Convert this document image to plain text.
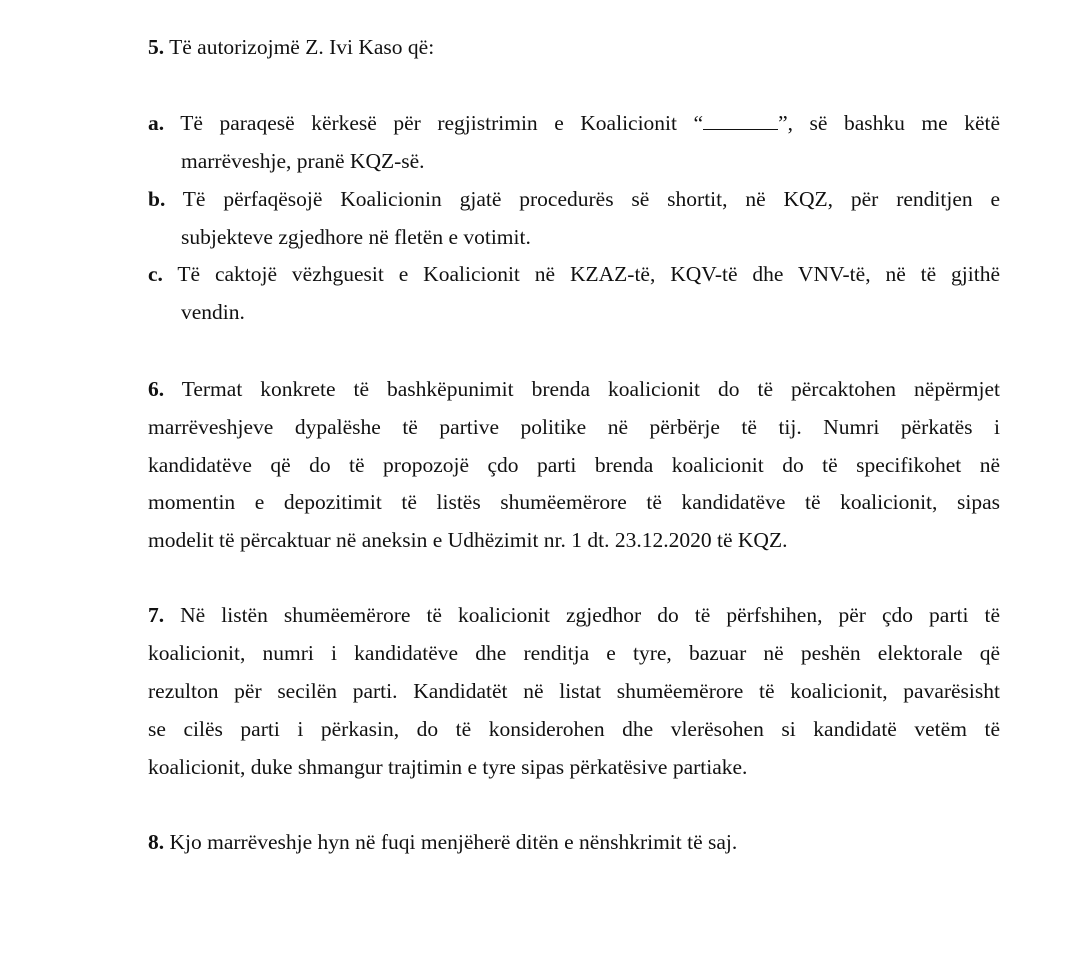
5. Të autorizojmë Z. Ivi Kaso që:
a. Të paraqesë kërkesë për regjistrimin e Koalicionit “	”, së bashku me këtë
marrëveshje, pranë KQZ-së.
b. Të përfaqësojë Koalicionin gjatë procedurës së shortit, në KQZ, për renditjen e
subjekteve zgjedhore në fletën e votimit.
c. Të caktojë vëzhguesit e Koalicionit në KZAZ-të, KQV-të dhe VNV-të, në të gjithë
vendin.
6. Termat konkrete të bashkëpunimit brenda koalicionit do të përcaktohen nëpërmjet
marrëveshjeve dypalëshe të partive politike në përbërje të tij. Numri përkatës i
kandidatëve që do të propozojë çdo parti brenda koalicionit do të specifikohet në
momentin e depozitimit të listës shumëemërore të kandidatëve të koalicionit, sipas
modelit të përcaktuar në aneksin e Udhëzimit nr. 1 dt. 23.12.2020 të KQZ.
7. Në listën shumëemërore të koalicionit zgjedhor do të përfshihen, për çdo parti të
koalicionit, numri i kandidatëve dhe renditja e tyre, bazuar në peshën elektorale që
rezulton për secilën parti. Kandidatët në listat shumëemërore të koalicionit, pavarësisht
se cilës parti i përkasin, do të konsiderohen dhe vlerësohen si kandidatë vetëm të
koalicionit, duke shmangur trajtimin e tyre sipas përkatësive partiake.
8. Kjo marrëveshje hyn në fuqi menjëherë ditën e nënshkrimit të saj.
